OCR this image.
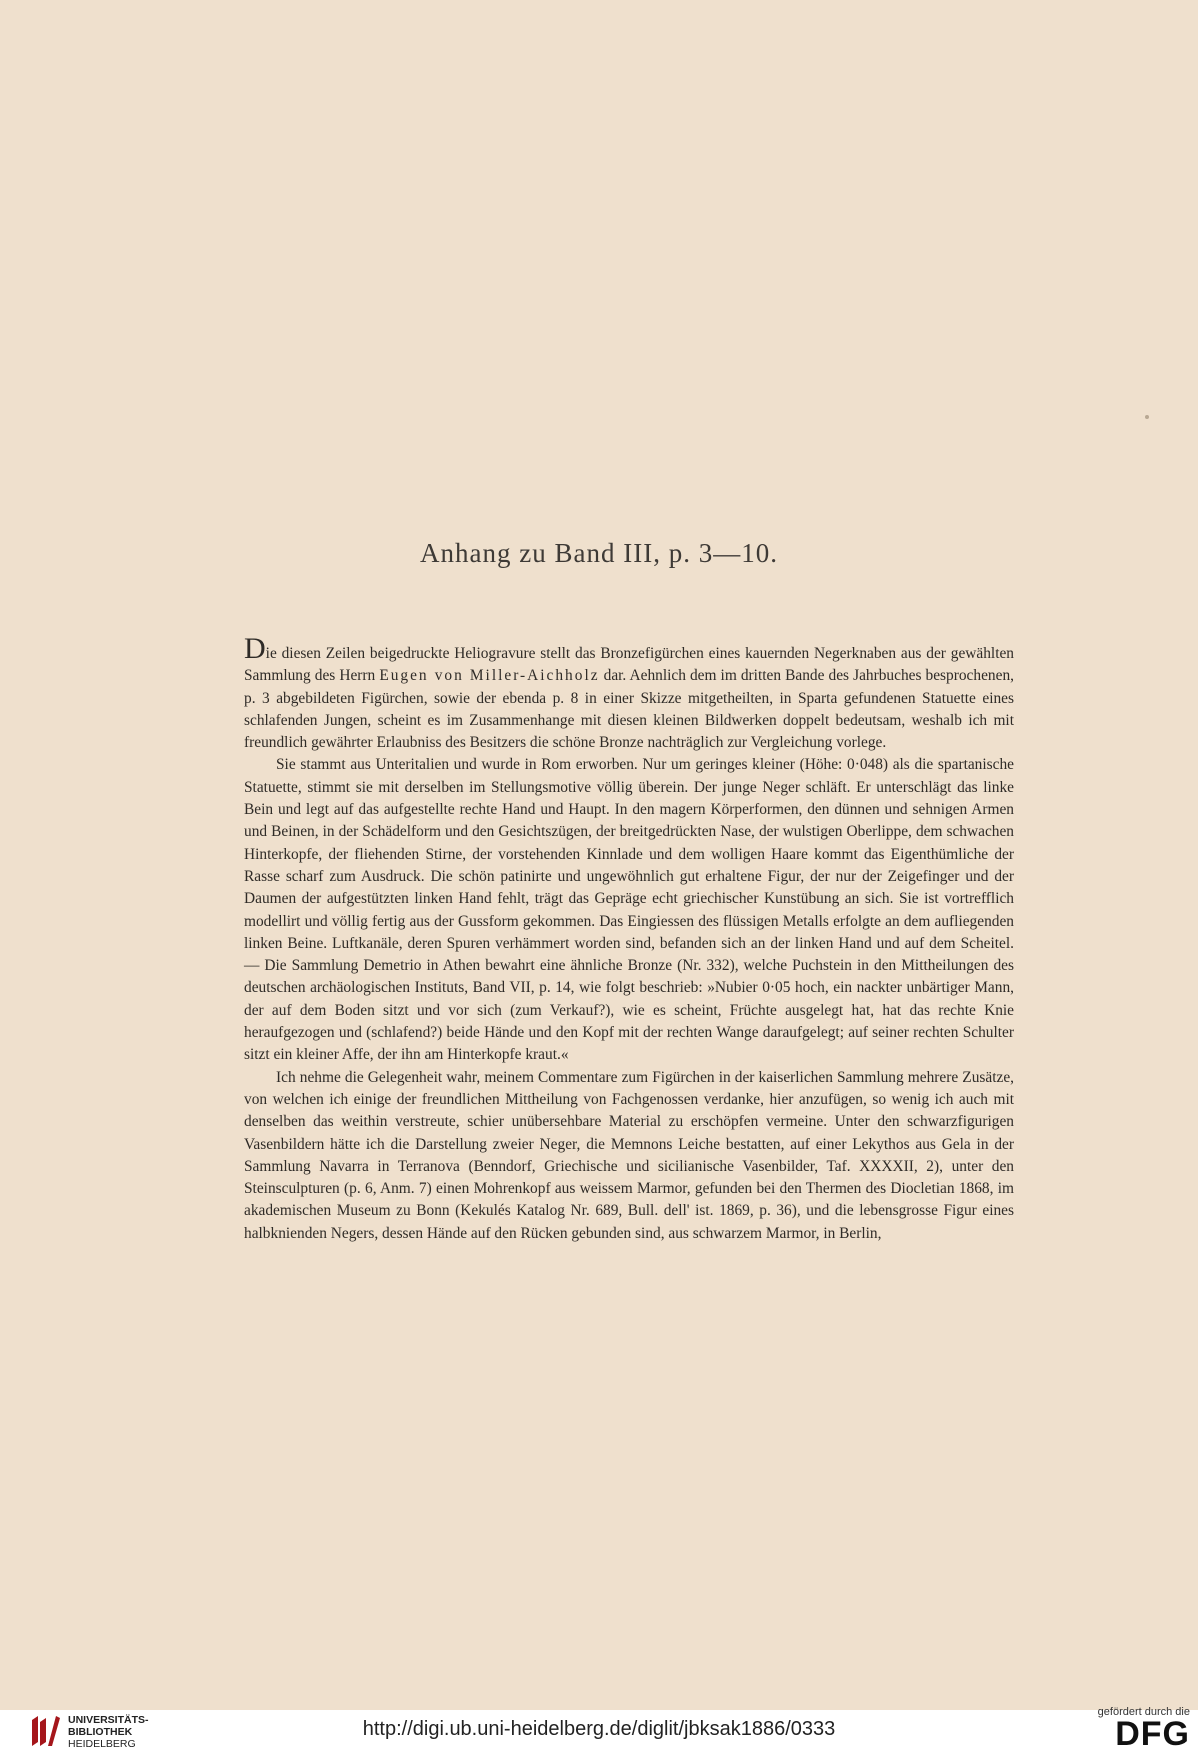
Anhang zu Band III, p. 3—10.

Die diesen Zeilen beigedruckte Heliogravure stellt das Bronzefigürchen eines kauernden Negerknaben aus der gewählten Sammlung des Herrn Eugen von Miller-Aichholz dar. Aehnlich dem im dritten Bande des Jahrbuches besprochenen, p. 3 abgebildeten Figürchen, sowie der ebenda p. 8 in einer Skizze mitgetheilten, in Sparta gefundenen Statuette eines schlafenden Jungen, scheint es im Zusammenhange mit diesen kleinen Bildwerken doppelt bedeutsam, weshalb ich mit freundlich gewährter Erlaubniss des Besitzers die schöne Bronze nachträglich zur Vergleichung vorlege.

Sie stammt aus Unteritalien und wurde in Rom erworben. Nur um geringes kleiner (Höhe: 0·048) als die spartanische Statuette, stimmt sie mit derselben im Stellungsmotive völlig überein. Der junge Neger schläft. Er unterschlägt das linke Bein und legt auf das aufgestellte rechte Hand und Haupt. In den magern Körperformen, den dünnen und sehnigen Armen und Beinen, in der Schädelform und den Gesichtszügen, der breitgedrückten Nase, der wulstigen Oberlippe, dem schwachen Hinterkopfe, der fliehenden Stirne, der vorstehenden Kinnlade und dem wolligen Haare kommt das Eigenthümliche der Rasse scharf zum Ausdruck. Die schön patinirte und ungewöhnlich gut erhaltene Figur, der nur der Zeigefinger und der Daumen der aufgestützten linken Hand fehlt, trägt das Gepräge echt griechischer Kunstübung an sich. Sie ist vortrefflich modellirt und völlig fertig aus der Gussform gekommen. Das Eingiessen des flüssigen Metalls erfolgte an dem aufliegenden linken Beine. Luftkanäle, deren Spuren verhämmert worden sind, befanden sich an der linken Hand und auf dem Scheitel. — Die Sammlung Demetrio in Athen bewahrt eine ähnliche Bronze (Nr. 332), welche Puchstein in den Mittheilungen des deutschen archäologischen Instituts, Band VII, p. 14, wie folgt beschrieb: »Nubier 0·05 hoch, ein nackter unbärtiger Mann, der auf dem Boden sitzt und vor sich (zum Verkauf?), wie es scheint, Früchte ausgelegt hat, hat das rechte Knie heraufgezogen und (schlafend?) beide Hände und den Kopf mit der rechten Wange daraufgelegt; auf seiner rechten Schulter sitzt ein kleiner Affe, der ihn am Hinterkopfe kraut.«

Ich nehme die Gelegenheit wahr, meinem Commentare zum Figürchen in der kaiserlichen Sammlung mehrere Zusätze, von welchen ich einige der freundlichen Mittheilung von Fachgenossen verdanke, hier anzufügen, so wenig ich auch mit denselben das weithin verstreute, schier unübersehbare Material zu erschöpfen vermeine. Unter den schwarzfigurigen Vasenbildern hätte ich die Darstellung zweier Neger, die Memnons Leiche bestatten, auf einer Lekythos aus Gela in der Sammlung Navarra in Terranova (Benndorf, Griechische und sicilianische Vasenbilder, Taf. XXXXII, 2), unter den Steinsculpturen (p. 6, Anm. 7) einen Mohrenkopf aus weissem Marmor, gefunden bei den Thermen des Diocletian 1868, im akademischen Museum zu Bonn (Kekulés Katalog Nr. 689, Bull. dell' ist. 1869, p. 36), und die lebensgrosse Figur eines halbknienden Negers, dessen Hände auf den Rücken gebunden sind, aus schwarzem Marmor, in Berlin,

UNIVERSITÄTS-
BIBLIOTHEK
HEIDELBERG
http://digi.ub.uni-heidelberg.de/diglit/jbksak1886/0333
gefördert durch die
DFG
